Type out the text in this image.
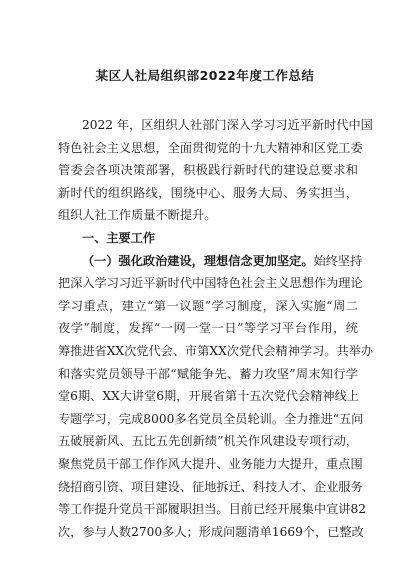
某区人社局组织部2022年度工作总结
2022 年，区组织人社部门深入学习习近平新时代中国
特色社会主义思想，全面贯彻党的十九大精神和区党工委
管委会各项决策部署，积极践行新时代的建设总要求和
新时代的组织路线，围绕中心、服务大局、务实担当，
组织人社工作质量不断提升。
一、主要工作
（一）强化政治建设，理想信念更加坚定。始终坚持
把深入学习习近平新时代中国特色社会主义思想作为理论
学习重点，建立“第一议题”学习制度，深入实施“周二
夜学”制度，发挥“一网一堂一日”等学习平台作用，统
筹推进省XX次党代会、市第XX次党代会精神学习。共举办
和落实党员领导干部“赋能争先、蓄力攻坚”周末知行学
堂6期、XX大讲堂6期，开展省第十五次党代会精神线上
专题学习，完成8000多名党员全员轮训。全力推进“五问
五破展新风、五比五先创新绩”机关作风建设专项行动，
聚焦党员干部工作作风大提升、业务能力大提升，重点围
绕招商引资、项目建设、征地拆迁、科技人才、企业服务
等工作提升党员干部履职担当。目前已经开展集中宣讲82
次，参与人数2700多人；形成问题清单1669个，已整改
